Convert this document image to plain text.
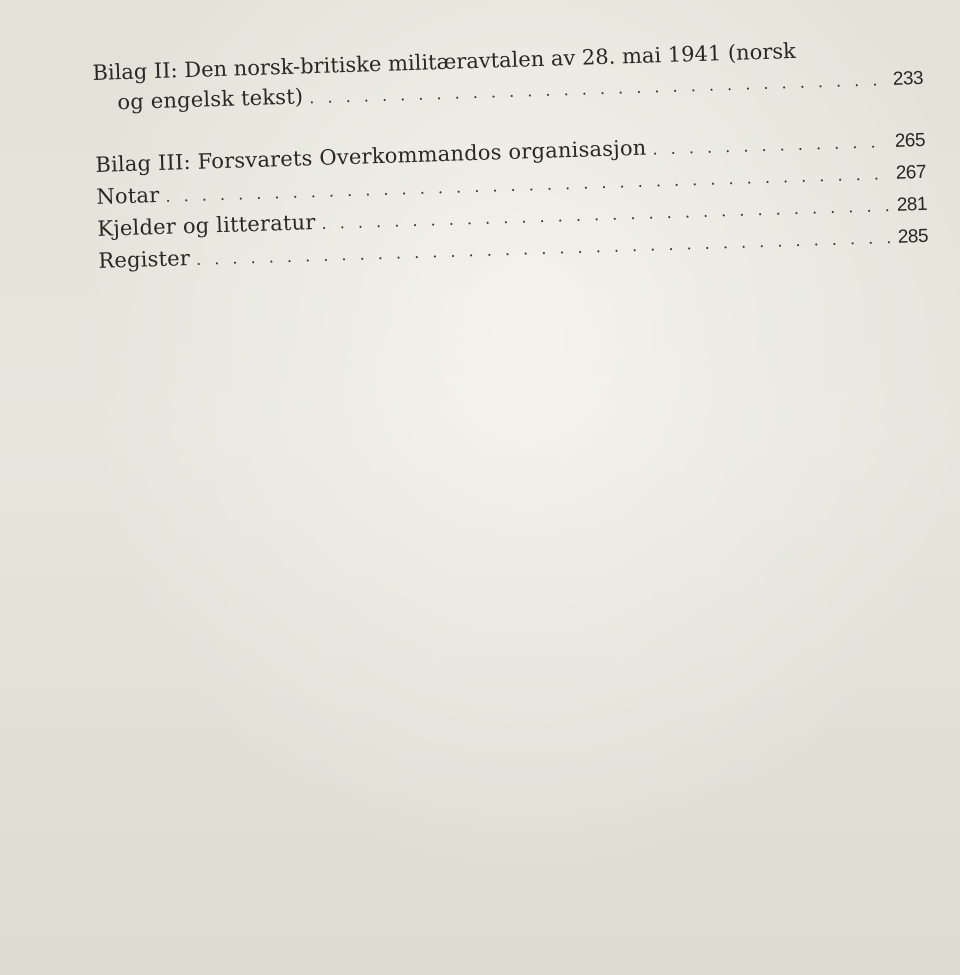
Bilag II: Den norsk-britiske militæravtalen av 28. mai 1941 (norsk
og engelsk tekst)
. . .
233
Bilag III: Forsvarets Overkommandos organisasjon
. . .	265
Notar
. . .
267
Kjelder og litteratur
. . .
281
Register
. . .
285
